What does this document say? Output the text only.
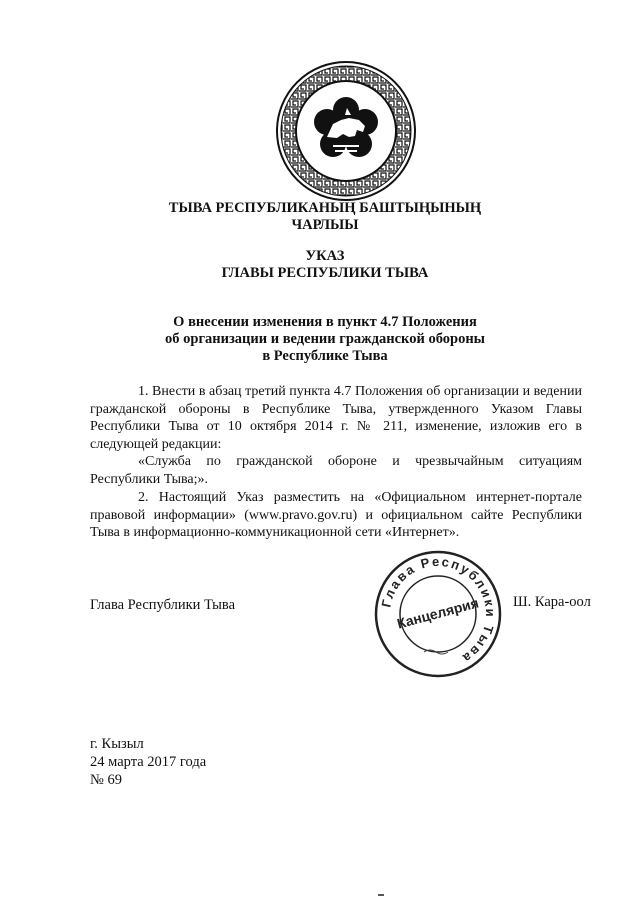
ТЫВА РЕСПУБЛИКАНЫҢ БАШТЫҢЫНЫҢ
ЧАРЛЫЫ
УКАЗ
ГЛАВЫ РЕСПУБЛИКИ ТЫВА
О внесении изменения в пункт 4.7 Положения
об организации и ведении гражданской обороны
в Республике Тыва
1. Внести в абзац третий пункта 4.7 Положения об организации и ведении гражданской обороны в Республике Тыва, утвержденного Указом Главы Республики Тыва от 10 октября 2014 г. № 211, изменение, изложив его в следующей редакции:
«Служба по гражданской обороне и чрезвычайным ситуациям Республики Тыва;».
2. Настоящий Указ разместить на «Официальном интернет-портале правовой информации» (www.pravo.gov.ru) и официальном сайте Республики Тыва в информационно-коммуникационной сети «Интернет».
Глава Республики Тыва	Глава Республики Тыва
Канцелярия Ш. Кара-оол
г. Кызыл
24 марта 2017 года
№ 69
